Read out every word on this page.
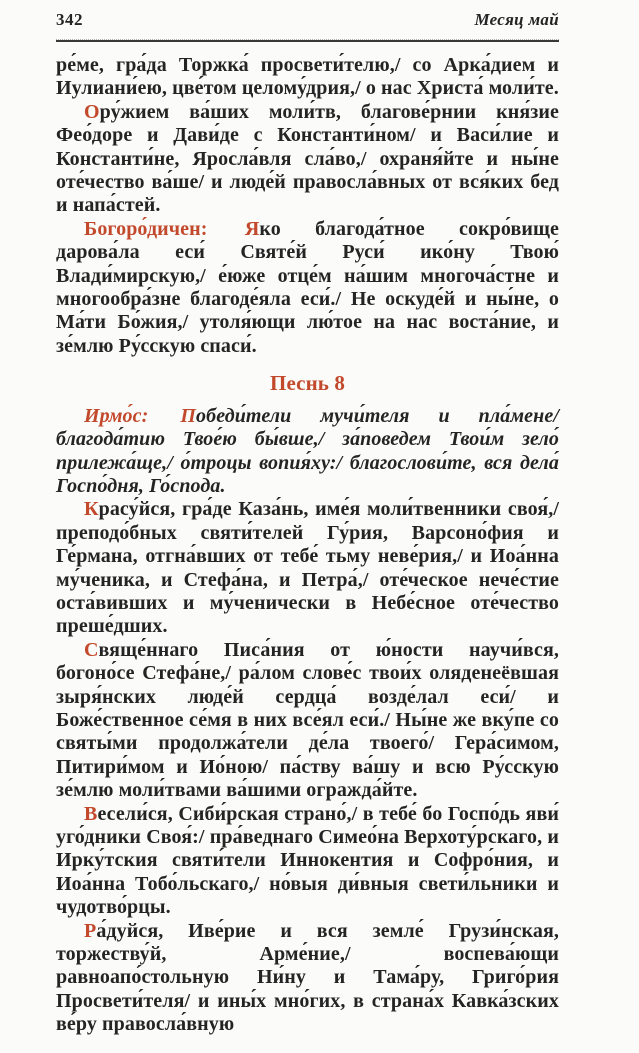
342	Месяц май

ре́ме, гра́да Торжка́ просвети́телю,/ со Арка́дием и Иулиани́ею, цве́том целому́дрия,/ о нас Христа́ моли́те.

Ору́жием ва́ших моли́тв, благове́рнии кня́зие Фео́доре и Дави́де с Константи́ном/ и Васи́лие и Константи́не, Яросла́вля сла́во,/ охраня́йте и ны́не оте́чество ва́ше/ и люде́й правосла́вных от вся́ких бед и напа́стей.

Богоро́дичен: Яко благода́тное сокро́вище дарова́ла еси́ Святе́й Руси́ ико́ну Твою́ Влади́мирскую,/ е́юже отце́м на́шим многоча́стне и многообра́зне благоде́яла еси́./ Не оскуде́й и ны́не, о Ма́ти Бо́жия,/ утоля́ющи лю́тое на нас воста́ние, и зе́млю Ру́сскую спаси́.

Песнь 8

Ирмо́с: Победи́тели мучи́теля и пла́мене/ благода́тию Твое́ю бы́вше,/ за́поведем Твои́м зело́ прилежа́ще,/ о́троцы вопия́ху:/ благослови́те, вся дела́ Госпо́дня, Го́спода.

Красу́йся, гра́де Каза́нь, име́я моли́твенники своя́,/ преподо́бных святи́телей Гу́рия, Варсоно́фия и Ге́рмана, отгна́вших от тебе́ тьму неве́рия,/ и Иоа́нна му́ченика, и Стефа́на, и Петра́,/ оте́ческое нече́стие оста́вивших и му́ченически в Небе́сное оте́чество преше́дших.

Свяще́ннаго Писа́ния от ю́ности научи́вся, богоно́се Стефа́не,/ ра́лом слове́с твои́х оляденеёвшая зыря́нских люде́й сердца́ возде́лал еси́/ и Боже́ственное се́мя в них все́ял еси́./ Ны́не же вку́пе со святы́ми продолжа́тели де́ла твоего́/ Гера́симом, Питири́мом и Ио́ною/ па́ству ва́шу и всю Ру́сскую зе́млю моли́твами ва́шими огражда́йте.

Весели́ся, Сиби́рская страно́,/ в тебе́ бо Госпо́дь яви́ уго́дники Своя́:/ пра́веднаго Симео́на Верхоту́рскаго, и Ирку́тския святи́тели Иннокентия и Софро́ния, и Иоа́нна Тобо́льскаго,/ но́выя ди́вныя свети́льники и чудотво́рцы.

Ра́дуйся, Иве́рие и вся земле́ Грузи́нская, торжеству́й, Арме́ние,/ воспева́ющи равноапо́стольную Ни́ну и Тама́ру, Григо́рия Просвети́теля/ и ины́х мно́гих, в страна́х Кавка́зских ве́ру правосла́вную
